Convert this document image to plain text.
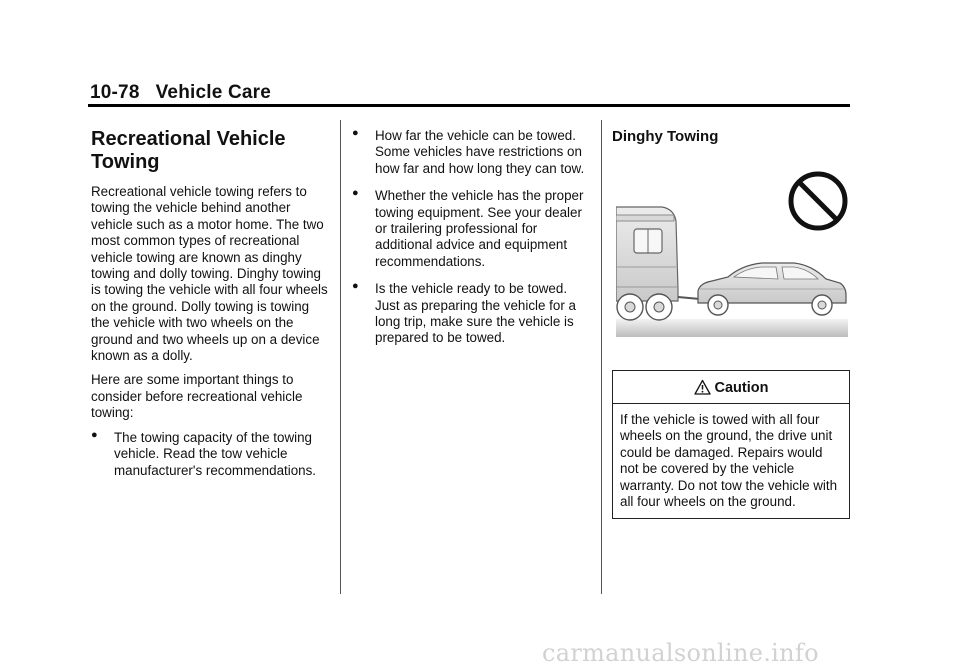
10-78 Vehicle Care
Recreational Vehicle Towing

Recreational vehicle towing refers to towing the vehicle behind another vehicle such as a motor home. The two most common types of recreational vehicle towing are known as dinghy towing and dolly towing. Dinghy towing is towing the vehicle with all four wheels on the ground. Dolly towing is towing the vehicle with two wheels on the ground and two wheels up on a device known as a dolly.

Here are some important things to consider before recreational vehicle towing:

● The towing capacity of the towing vehicle. Read the tow vehicle manufacturer's recommendations.
● How far the vehicle can be towed. Some vehicles have restrictions on how far and how long they can tow.
● Whether the vehicle has the proper towing equipment. See your dealer or trailering professional for additional advice and equipment recommendations.
● Is the vehicle ready to be towed. Just as preparing the vehicle for a long trip, make sure the vehicle is prepared to be towed.
Dinghy Towing
Caution

If the vehicle is towed with all four wheels on the ground, the drive unit could be damaged. Repairs would not be covered by the vehicle warranty. Do not tow the vehicle with all four wheels on the ground.

carmanualsonline.info
